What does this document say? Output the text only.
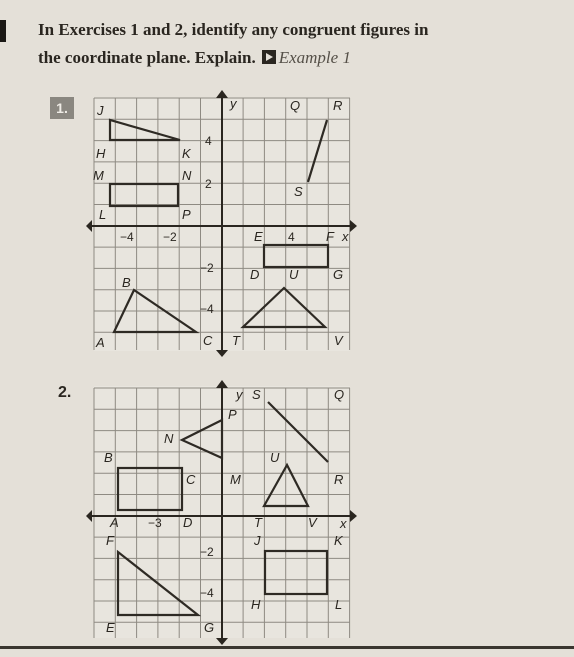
In Exercises 1 and 2, identify any congruent figures in
the coordinate plane. Explain. Example 1
1.
2.
−4 −2	4
4
2
−2
−4
x
y
J
H	K
M	N
L	P
Q	R
S
E	F
D U	G
B
A	C T	V
−3
−2
−4
x
y S	Q
P
N
B
C	M
U
R
A	D	T	V
F	J	K
H	L
E	G
